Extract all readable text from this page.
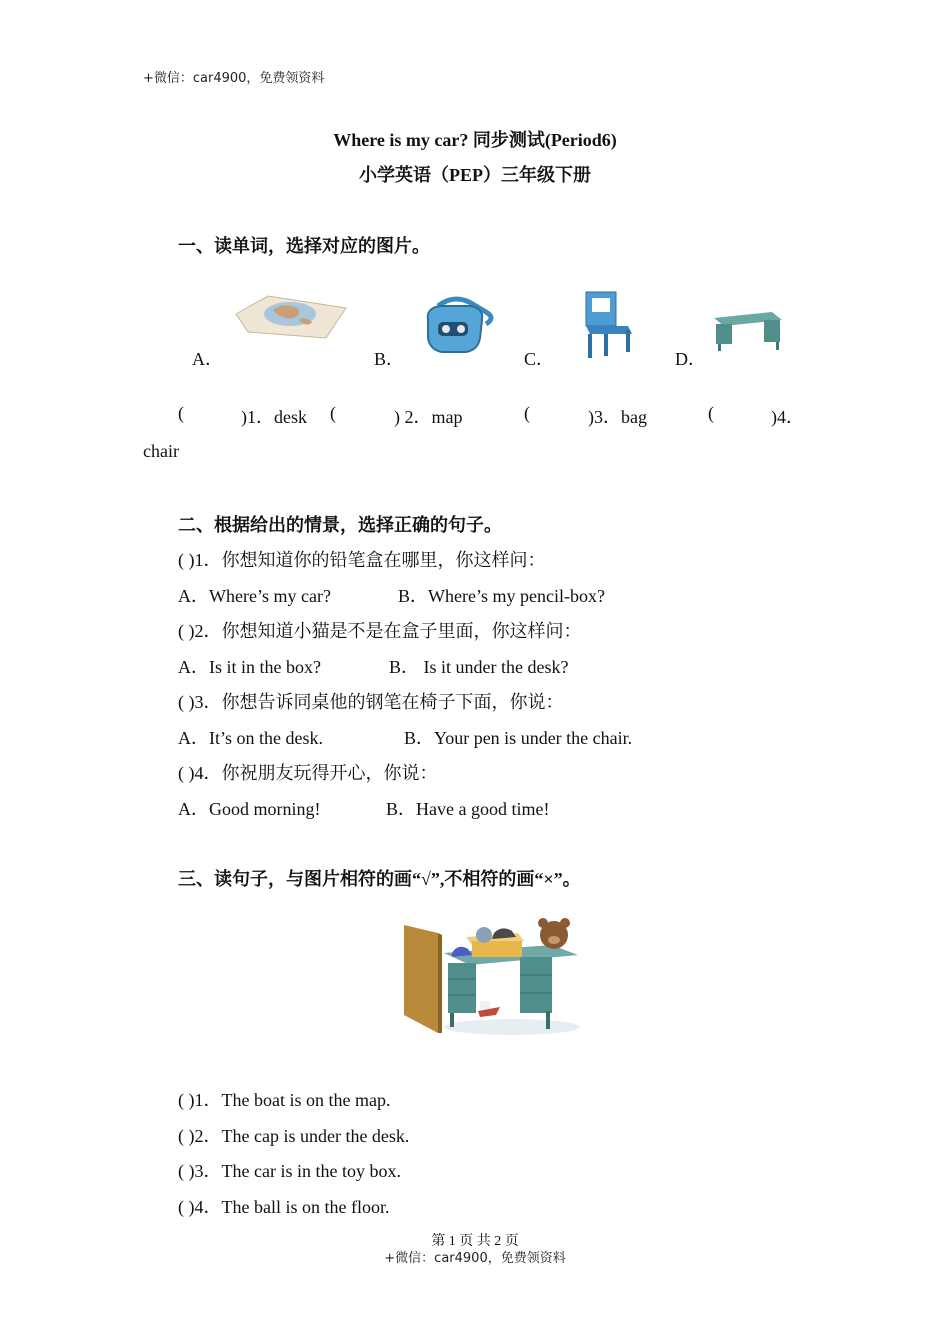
+微信：car4900，免费领资料
Where is my car? 同步测试(Period6)
小学英语（PEP）三年级下册
一、读单词，选择对应的图片。
A．	B．	C．	D．
(	)1．desk (	) 2．map	(	)3．bag	(	)4．
chair
二、根据给出的情景，选择正确的句子。
( )1．你想知道你的铅笔盒在哪里，你这样问：
A．Where’s my car?	B．Where’s my pencil-box?
( )2．你想知道小猫是不是在盒子里面，你这样问：
A．Is it in the box?	B． Is it under the desk?
( )3．你想告诉同桌他的钢笔在椅子下面，你说：
A．It’s on the desk.	B．Your pen is under the chair.
( )4．你祝朋友玩得开心，你说：
A．Good morning!	B．Have a good time!
三、读句子，与图片相符的画“√”,不相符的画“×”。
( )1．The boat is on the map.
( )2．The cap is under the desk.
( )3．The car is in the toy box.
( )4．The ball is on the floor.
第 1 页 共 2 页
+微信：car4900，免费领资料
